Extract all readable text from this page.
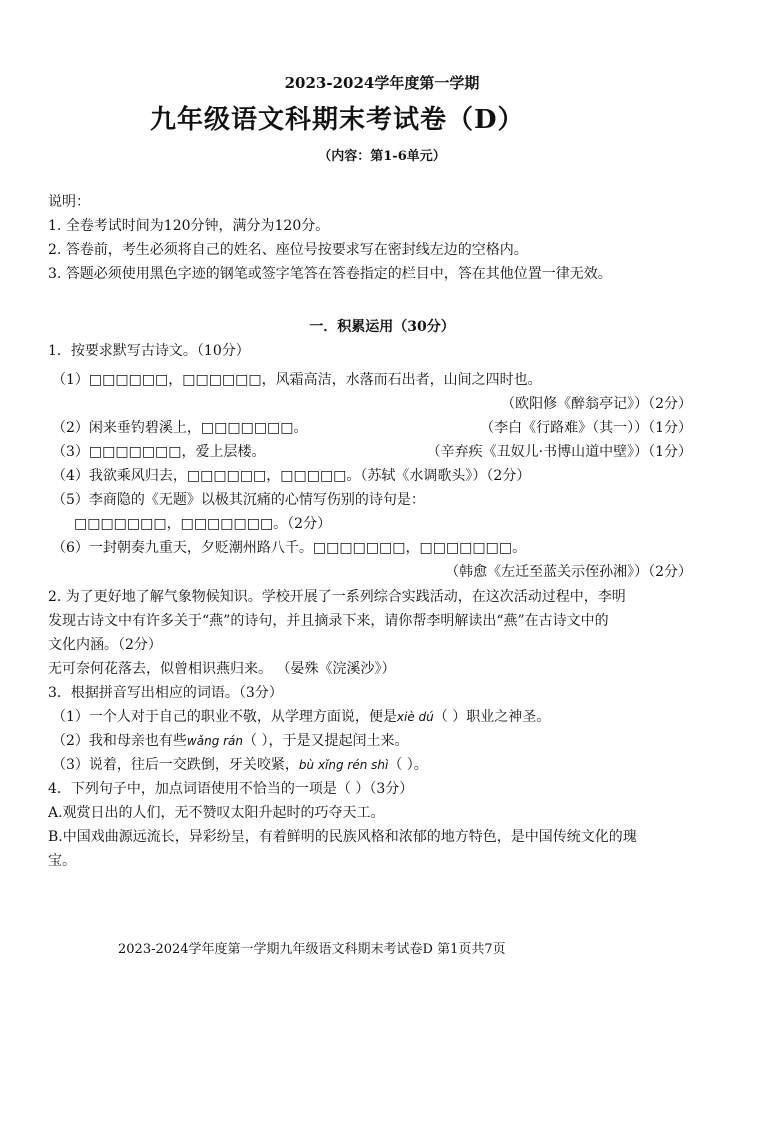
2023-2024学年度第一学期
九年级语文科期末考试卷（D）
（内容：第1-6单元）
说明：
1. 全卷考试时间为120分钟，满分为120分。
2. 答卷前，考生必须将自己的姓名、座位号按要求写在密封线左边的空格内。
3. 答题必须使用黑色字迹的钢笔或签字笔答在答卷指定的栏目中，答在其他位置一律无效。
一．积累运用（30分）
1．按要求默写古诗文。（10分）
（1）□□□□□□，□□□□□□，风霜高洁，水落而石出者，山间之四时也。
（欧阳修《醉翁亭记》）（2分）
（2）闲来垂钓碧溪上，□□□□□□□。	（李白《行路难》（其一））（1分）
（3）□□□□□□□，爱上层楼。	（辛弃疾《丑奴儿·书博山道中壁》）（1分）
（4）我欲乘风归去，□□□□□□，□□□□□。（苏轼《水调歌头》）（2分）
（5）李商隐的《无题》以极其沉痛的心情写伤别的诗句是：
□□□□□□□，□□□□□□□。（2分）
（6）一封朝奏九重天，夕贬潮州路八千。□□□□□□□，□□□□□□□。
（韩愈《左迁至蓝关示侄孙湘》）（2分）
2. 为了更好地了解气象物候知识。学校开展了一系列综合实践活动，在这次活动过程中，李明
发现古诗文中有许多关于“燕”的诗句，并且摘录下来，请你帮李明解读出“燕”在古诗文中的
文化内涵。（2分）
无可奈何花落去，似曾相识燕归来。 （晏殊《浣溪沙》）
3．根据拼音写出相应的词语。（3分）
（1）一个人对于自己的职业不敬，从学理方面说，便是xiè dú（ ）职业之神圣。
（2）我和母亲也有些wǎng rán（ ），于是又提起闰土来。
（3）说着，往后一交跌倒，牙关咬紧，bù xǐng rén shì（ ）。
4．下列句子中，加点词语使用不恰当的一项是（ ）（3分）
A.观赏日出的人们，无不赞叹太阳升起时的巧夺天工。
B.中国戏曲源远流长，异彩纷呈，有着鲜明的民族风格和浓郁的地方特色，是中国传统文化的瑰
宝。
2023-2024学年度第一学期九年级语文科期末考试卷D 第1页共7页
